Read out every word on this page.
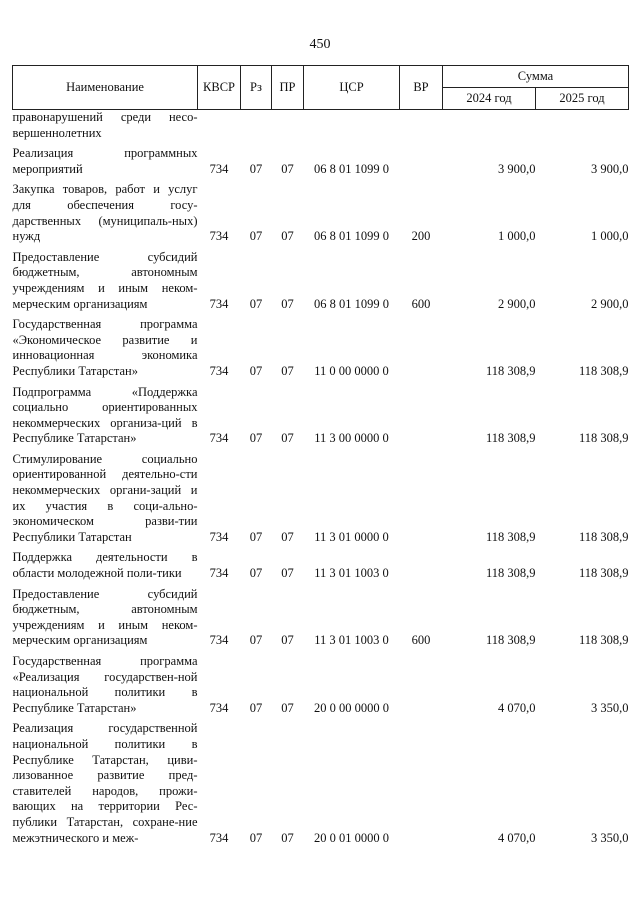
450
Наименование	КВСР	Рз	ПР	ЦСР	ВР	Сумма	
						2024 год	2025 год
правонарушений среди несо-вершеннолетних							

Реализация программных мероприятий	734	07	07	06 8 01 1099 0		3 900,0	3 900,0

Закупка товаров, работ и услуг для обеспечения госу-дарственных (муниципаль-ных) нужд	734	07	07	06 8 01 1099 0	200	1 000,0	1 000,0

Предоставление субсидий бюджетным, автономным учреждениям и иным неком-мерческим организациям	734	07	07	06 8 01 1099 0	600	2 900,0	2 900,0

Государственная программа «Экономическое развитие и инновационная экономика Республики Татарстан»	734	07	07	11 0 00 0000 0		118 308,9	118 308,9

Подпрограмма «Поддержка социально ориентированных некоммерческих организа-ций в Республике Татарстан»	734	07	07	11 3 00 0000 0		118 308,9	118 308,9

Стимулирование социально ориентированной деятельно-сти некоммерческих органи-заций и их участия в соци-ально-экономическом разви-тии Республики Татарстан	734	07	07	11 3 01 0000 0		118 308,9	118 308,9

Поддержка деятельности в области молодежной поли-тики	734	07	07	11 3 01 1003 0		118 308,9	118 308,9

Предоставление субсидий бюджетным, автономным учреждениям и иным неком-мерческим организациям	734	07	07	11 3 01 1003 0	600	118 308,9	118 308,9

Государственная программа «Реализация государствен-ной национальной политики в Республике Татарстан»	734	07	07	20 0 00 0000 0		4 070,0	3 350,0

Реализация государственной национальной политики в Республике Татарстан, циви-лизованное развитие пред-ставителей народов, прожи-вающих на территории Рес-публики Татарстан, сохране-ние межэтнического и меж-	734	07	07	20 0 01 0000 0		4 070,0	3 350,0
